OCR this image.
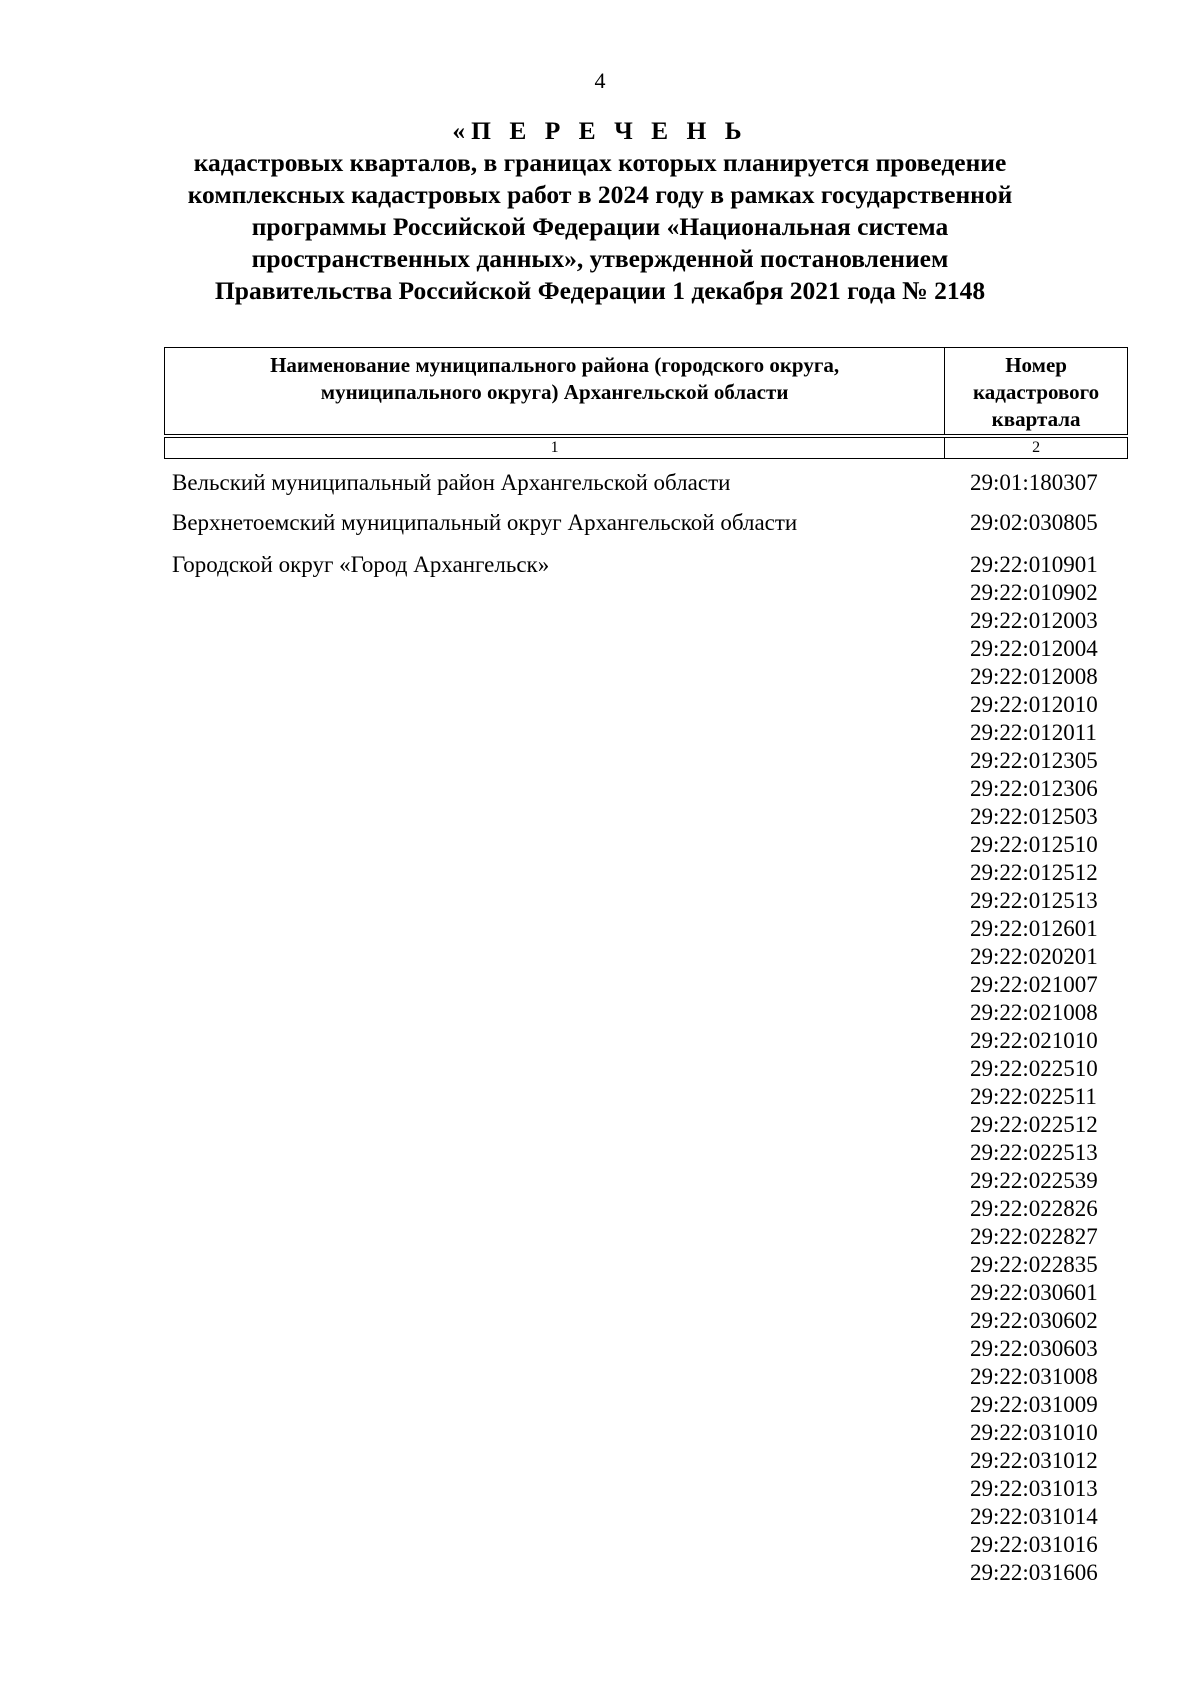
4
«П Е Р Е Ч Е Н Ь
кадастровых кварталов, в границах которых планируется проведение
комплексных кадастровых работ в 2024 году в рамках государственной
программы Российской Федерации «Национальная система
пространственных данных», утвержденной постановлением
Правительства Российской Федерации 1 декабря 2021 года № 2148
Наименование муниципального района (городского округа,
муниципального округа) Архангельской области	Номер
кадастрового
квартала

1	2
Вельский муниципальный район Архангельской области	29:01:180307
Верхнетоемский муниципальный округ Архангельской области	29:02:030805
Городской округ «Город Архангельск»	29:22:010901
29:22:010902
29:22:012003
29:22:012004
29:22:012008
29:22:012010
29:22:012011
29:22:012305
29:22:012306
29:22:012503
29:22:012510
29:22:012512
29:22:012513
29:22:012601
29:22:020201
29:22:021007
29:22:021008
29:22:021010
29:22:022510
29:22:022511
29:22:022512
29:22:022513
29:22:022539
29:22:022826
29:22:022827
29:22:022835
29:22:030601
29:22:030602
29:22:030603
29:22:031008
29:22:031009
29:22:031010
29:22:031012
29:22:031013
29:22:031014
29:22:031016
29:22:031606
